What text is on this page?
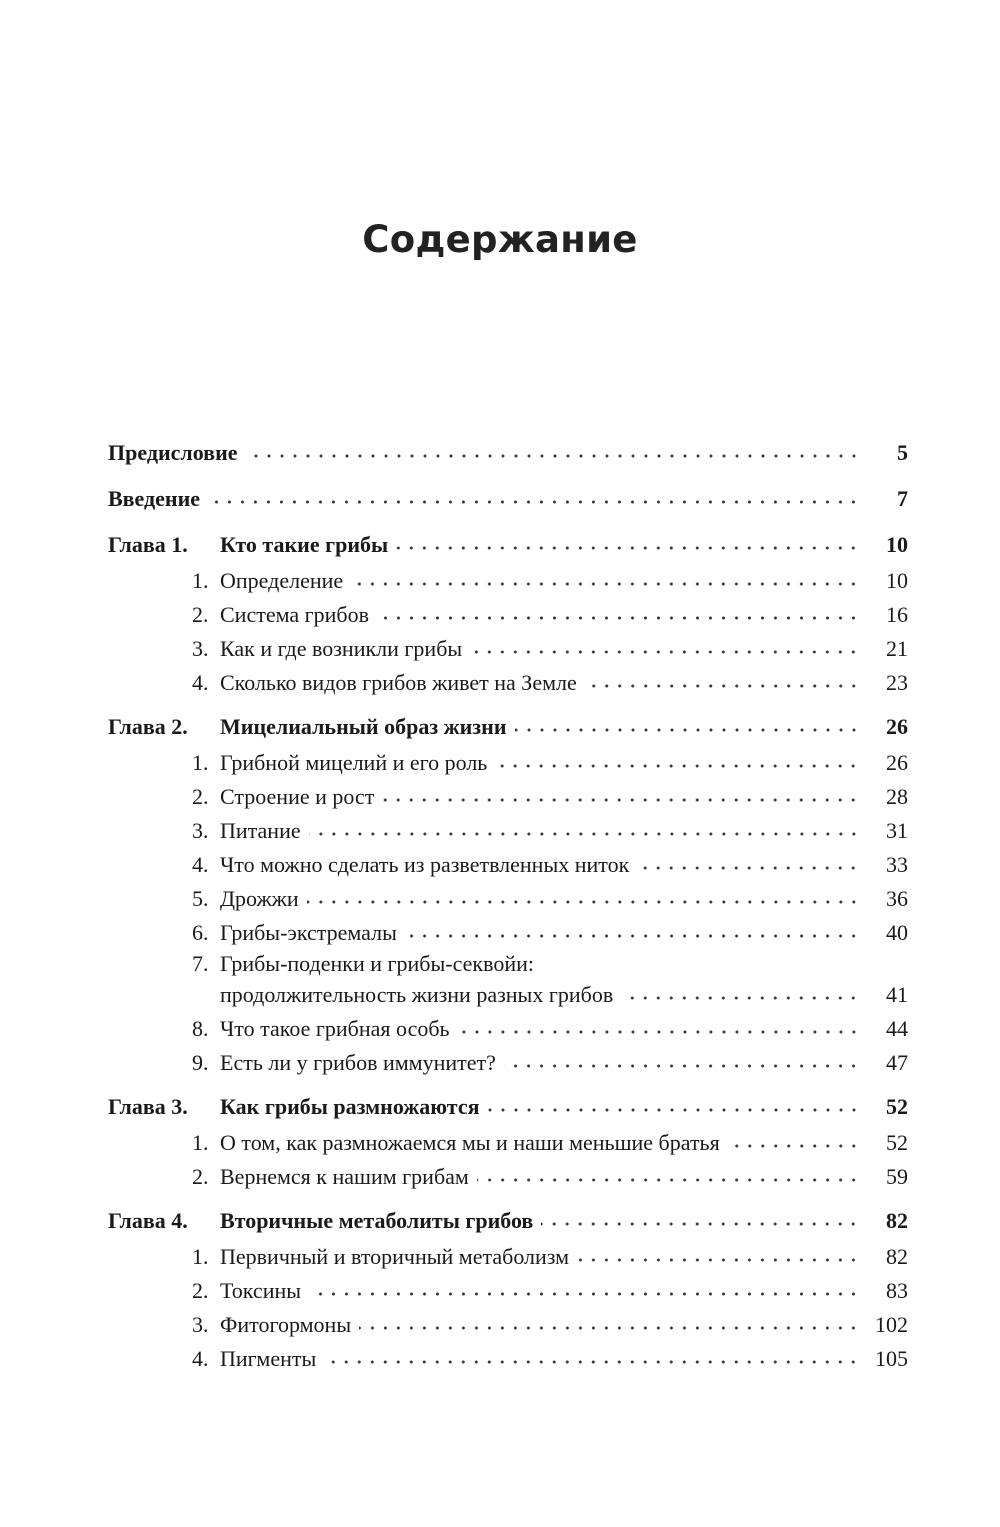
Содержание
Предисловие	5
Введение	7
Глава 1.	Кто такие грибы	10
1. Определение	10
2. Система грибов	16
3. Как и где возникли грибы	21
4. Сколько видов грибов живет на Земле	23
Глава 2.	Мицелиальный образ жизни	26
1. Грибной мицелий и его роль	26
2. Строение и рост	28
3. Питание	31
4. Что можно сделать из разветвленных ниток	33
5. Дрожжи	36
6. Грибы-экстремалы	40
7. Грибы-поденки и грибы-секвойи:
продолжительность жизни разных грибов	41
8. Что такое грибная особь	44
9. Есть ли у грибов иммунитет?	47
Глава 3.	Как грибы размножаются	52
1. О том, как размножаемся мы и наши меньшие братья	52
2. Вернемся к нашим грибам	59
Глава 4.	Вторичные метаболиты грибов	82
1. Первичный и вторичный метаболизм	82
2. Токсины	83
3. Фитогормоны	102
4. Пигменты	105
